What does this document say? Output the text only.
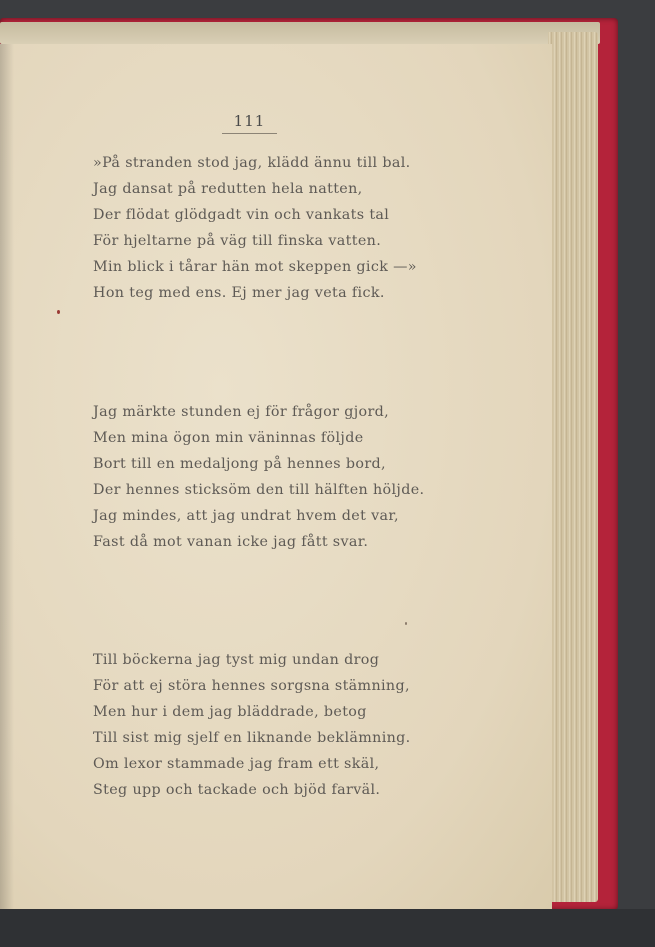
111
»På stranden stod jag, klädd ännu till bal.
Jag dansat på redutten hela natten,
Der flödat glödgadt vin och vankats tal
För hjeltarne på väg till finska vatten.
Min blick i tårar hän mot skeppen gick —»
Hon teg med ens. Ej mer jag veta fick.
Jag märkte stunden ej för frågor gjord,
Men mina ögon min väninnas följde
Bort till en medaljong på hennes bord,
Der hennes sticksöm den till hälften höljde.
Jag mindes, att jag undrat hvem det var,
Fast då mot vanan icke jag fått svar.
Till böckerna jag tyst mig undan drog
För att ej störa hennes sorgsna stämning,
Men hur i dem jag bläddrade, betog
Till sist mig sjelf en liknande beklämning.
Om lexor stammade jag fram ett skäl,
Steg upp och tackade och bjöd farväl.
